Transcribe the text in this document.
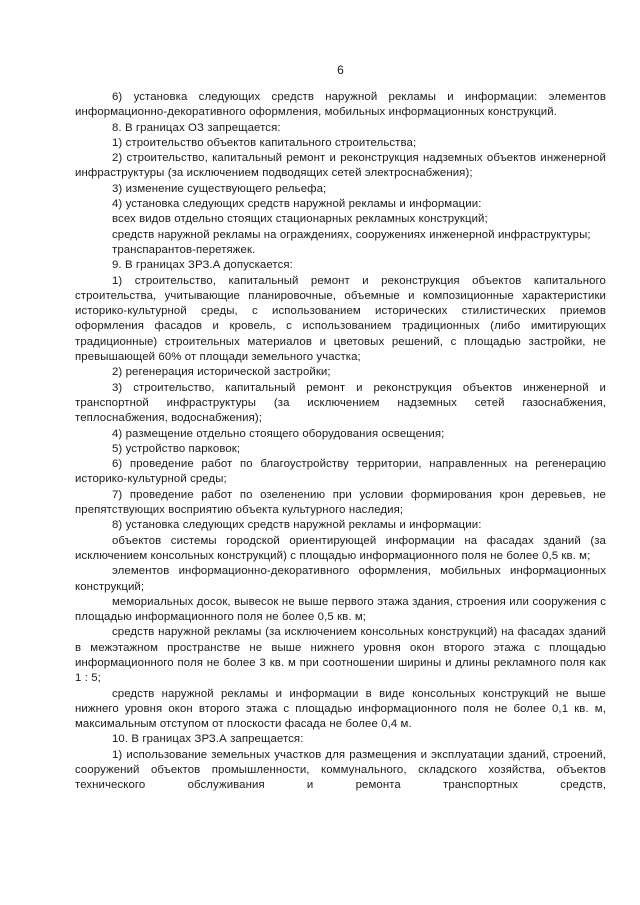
6

6) установка следующих средств наружной рекламы и информации: элементов информационно-декоративного оформления, мобильных информационных конструкций.

8. В границах ОЗ запрещается:

1) строительство объектов капитального строительства;

2) строительство, капитальный ремонт и реконструкция надземных объектов инженерной инфраструктуры (за исключением подводящих сетей электроснабжения);

3) изменение существующего рельефа;

4) установка следующих средств наружной рекламы и информации:

всех видов отдельно стоящих стационарных рекламных конструкций;

средств наружной рекламы на ограждениях, сооружениях инженерной инфраструктуры;

транспарантов-перетяжек.

9. В границах ЗРЗ.А допускается:

1) строительство, капитальный ремонт и реконструкция объектов капитального строительства, учитывающие планировочные, объемные и композиционные характеристики историко-культурной среды, с использованием исторических стилистических приемов оформления фасадов и кровель, с использованием традиционных (либо имитирующих традиционные) строительных материалов и цветовых решений, с площадью застройки, не превышающей 60% от площади земельного участка;

2) регенерация исторической застройки;

3) строительство, капитальный ремонт и реконструкция объектов инженерной и транспортной инфраструктуры (за исключением надземных сетей газоснабжения, теплоснабжения, водоснабжения);

4) размещение отдельно стоящего оборудования освещения;

5) устройство парковок;

6) проведение работ по благоустройству территории, направленных на регенерацию историко-культурной среды;

7) проведение работ по озеленению при условии формирования крон деревьев, не препятствующих восприятию объекта культурного наследия;

8) установка следующих средств наружной рекламы и информации:

объектов системы городской ориентирующей информации на фасадах зданий (за исключением консольных конструкций) с площадью информационного поля не более 0,5 кв. м;

элементов информационно-декоративного оформления, мобильных информационных конструкций;

мемориальных досок, вывесок не выше первого этажа здания, строения или сооружения с площадью информационного поля не более 0,5 кв. м;

средств наружной рекламы (за исключением консольных конструкций) на фасадах зданий в межэтажном пространстве не выше нижнего уровня окон второго этажа с площадью информационного поля не более 3 кв. м при соотношении ширины и длины рекламного поля как 1 : 5;

средств наружной рекламы и информации в виде консольных конструкций не выше нижнего уровня окон второго этажа с площадью информационного поля не более 0,1 кв. м, максимальным отступом от плоскости фасада не более 0,4 м.

10. В границах ЗРЗ.А запрещается:

1) использование земельных участков для размещения и эксплуатации зданий, строений, сооружений объектов промышленности, коммунального, складского хозяйства, объектов технического обслуживания и ремонта транспортных средств,
